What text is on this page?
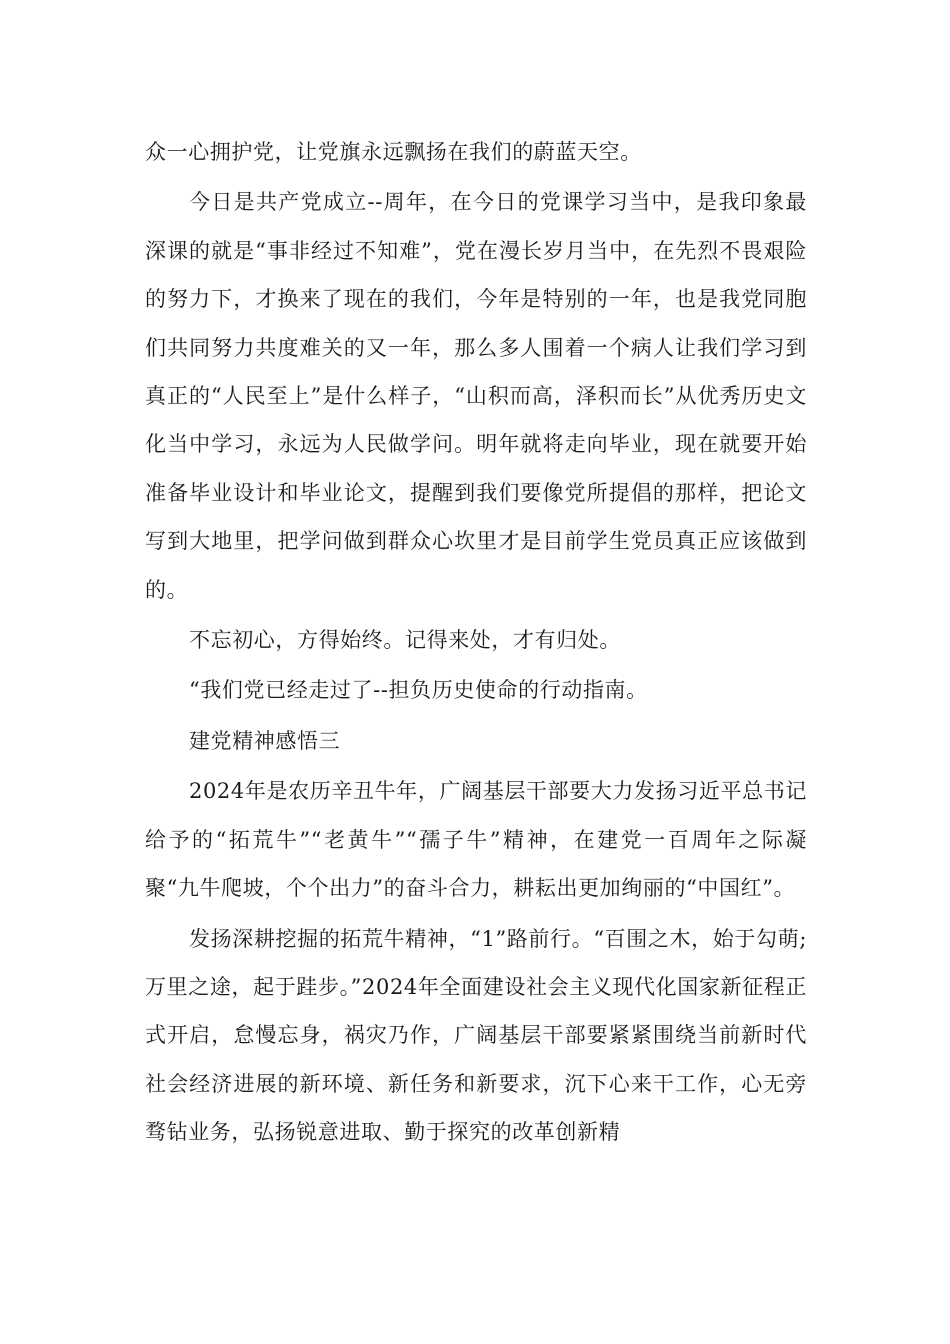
众一心拥护党，让党旗永远飘扬在我们的蔚蓝天空。

今日是共产党成立--周年，在今日的党课学习当中，是我印象最深课的就是“事非经过不知难”，党在漫长岁月当中，在先烈不畏艰险的努力下，才换来了现在的我们，今年是特别的一年，也是我党同胞们共同努力共度难关的又一年，那么多人围着一个病人让我们学习到真正的“人民至上”是什么样子，“山积而高，泽积而长”从优秀历史文化当中学习，永远为人民做学问。明年就将走向毕业，现在就要开始准备毕业设计和毕业论文，提醒到我们要像党所提倡的那样，把论文写到大地里，把学问做到群众心坎里才是目前学生党员真正应该做到的。

不忘初心，方得始终。记得来处，才有归处。

“我们党已经走过了--担负历史使命的行动指南。

建党精神感悟三

2024年是农历辛丑牛年，广阔基层干部要大力发扬习近平总书记给予的“拓荒牛”“老黄牛”“孺子牛”精神，在建党一百周年之际凝聚“九牛爬坡，个个出力”的奋斗合力，耕耘出更加绚丽的“中国红”。

发扬深耕挖掘的拓荒牛精神，“1”路前行。“百围之木，始于勾萌;万里之途，起于跬步。”2024年全面建设社会主义现代化国家新征程正式开启，怠慢忘身，祸灾乃作，广阔基层干部要紧紧围绕当前新时代社会经济进展的新环境、新任务和新要求，沉下心来干工作，心无旁骛钻业务，弘扬锐意进取、勤于探究的改革创新精
